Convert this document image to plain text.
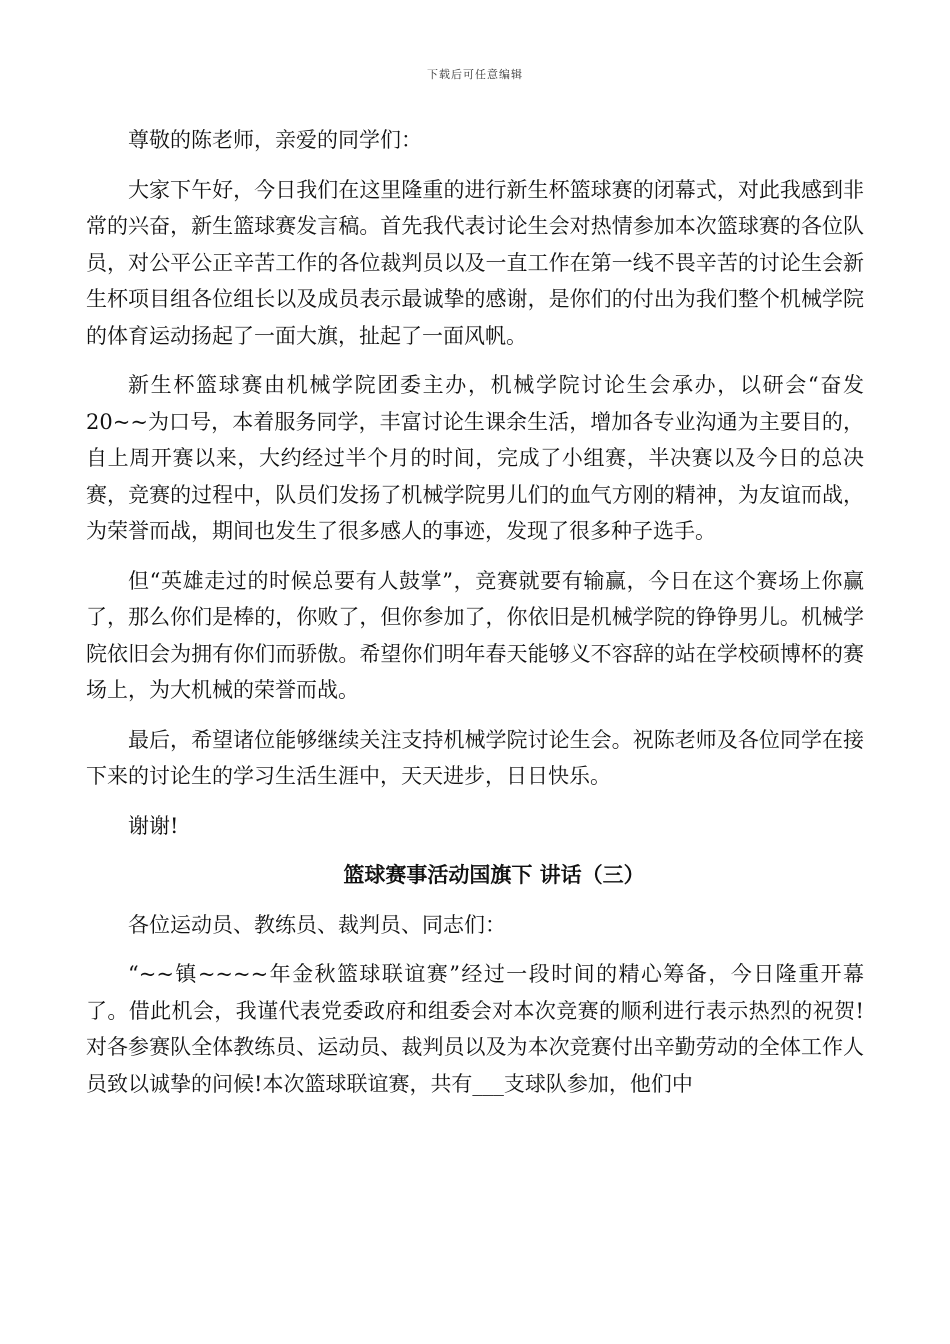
下载后可任意编辑

尊敬的陈老师，亲爱的同学们：

大家下午好，今日我们在这里隆重的进行新生杯篮球赛的闭幕式，对此我感到非常的兴奋，新生篮球赛发言稿。首先我代表讨论生会对热情参加本次篮球赛的各位队员，对公平公正辛苦工作的各位裁判员以及一直工作在第一线不畏辛苦的讨论生会新生杯项目组各位组长以及成员表示最诚挚的感谢，是你们的付出为我们整个机械学院的体育运动扬起了一面大旗，扯起了一面风帆。

新生杯篮球赛由机械学院团委主办，机械学院讨论生会承办，以研会“奋发20~~为口号，本着服务同学，丰富讨论生课余生活，增加各专业沟通为主要目的，自上周开赛以来，大约经过半个月的时间，完成了小组赛，半决赛以及今日的总决赛，竞赛的过程中，队员们发扬了机械学院男儿们的血气方刚的精神，为友谊而战，为荣誉而战，期间也发生了很多感人的事迹，发现了很多种子选手。

但“英雄走过的时候总要有人鼓掌”，竞赛就要有输赢，今日在这个赛场上你赢了，那么你们是棒的，你败了，但你参加了，你依旧是机械学院的铮铮男儿。机械学院依旧会为拥有你们而骄傲。希望你们明年春天能够义不容辞的站在学校硕博杯的赛场上，为大机械的荣誉而战。

最后，希望诸位能够继续关注支持机械学院讨论生会。祝陈老师及各位同学在接下来的讨论生的学习生活生涯中，天天进步，日日快乐。

谢谢!

篮球赛事活动国旗下 讲话（三）

各位运动员、教练员、裁判员、同志们：

“~~镇~~~~年金秋篮球联谊赛”经过一段时间的精心筹备，今日隆重开幕了。借此机会，我谨代表党委政府和组委会对本次竞赛的顺利进行表示热烈的祝贺!对各参赛队全体教练员、运动员、裁判员以及为本次竞赛付出辛勤劳动的全体工作人员致以诚挚的问候!本次篮球联谊赛，共有___支球队参加，他们中
